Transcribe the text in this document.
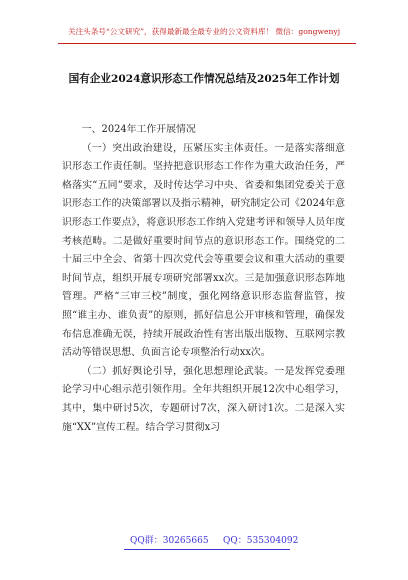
关注头条号“公文研究”，获得最新最全最专业的公文资料库！ 微信：gongwenyj
国有企业2024意识形态工作情况总结及2025年工作计划

一、2024年工作开展情况

（一）突出政治建设，压紧压实主体责任。一是落实落细意识形态工作责任制。坚持把意识形态工作作为重大政治任务，严格落实“五同”要求，及时传达学习中央、省委和集团党委关于意识形态工作的决策部署以及指示精神，研究制定公司《2024年意识形态工作要点》，将意识形态工作纳入党建考评和领导人员年度考核范畴。二是做好重要时间节点的意识形态工作。围绕党的二十届三中全会、省第十四次党代会等重要会议和重大活动的重要时间节点，组织开展专项研究部署xx次。三是加强意识形态阵地管理。严格“三审三校”制度，强化网络意识形态监督监管，按照“谁主办、谁负责”的原则，抓好信息公开审核和管理，确保发布信息准确无误，持续开展政治性有害出版出版物、互联网宗教活动等错误思想、负面言论专项整治行动xx次。

（二）抓好舆论引导，强化思想理论武装。一是发挥党委理论学习中心组示范引领作用。全年共组织开展12次中心组学习，其中，集中研讨5次，专题研讨7次，深入研讨1次。二是深入实施“XX”宣传工程。结合学习贯彻x习

QQ群：30265665 QQ：535304092
